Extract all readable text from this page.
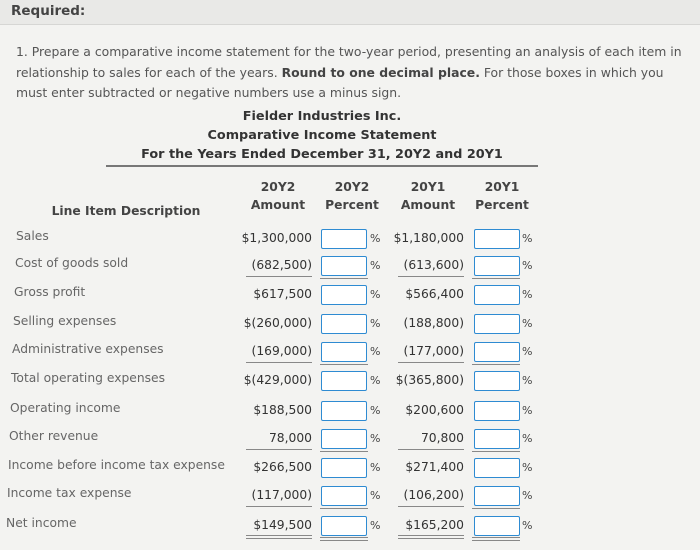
Required:
1. Prepare a comparative income statement for the two-year period, presenting an analysis of each item in relationship to sales for each of the years. Round to one decimal place. For those boxes in which you must enter subtracted or negative numbers use a minus sign.
Fielder Industries Inc.
Comparative Income Statement
For the Years Ended December 31, 20Y2 and 20Y1
Line Item Description
20Y2
Amount
20Y2
Percent
20Y1
Amount
20Y1
Percent
Sales	$1,300,000	%	$1,180,000	%
Cost of goods sold	(682,500)	%	(613,600)	%
Gross profit	$617,500	%	$566,400	%
Selling expenses	$(260,000)	%	(188,800)	%
Administrative expenses	(169,000)	%	(177,000)	%
Total operating expenses	$(429,000)	%	$(365,800)	%
Operating income	$188,500	%	$200,600	%
Other revenue	78,000	%	70,800	%
Income before income tax expense	$266,500	%	$271,400	%
Income tax expense	(117,000)	%	(106,200)	%
Net income	$149,500	%	$165,200	%
